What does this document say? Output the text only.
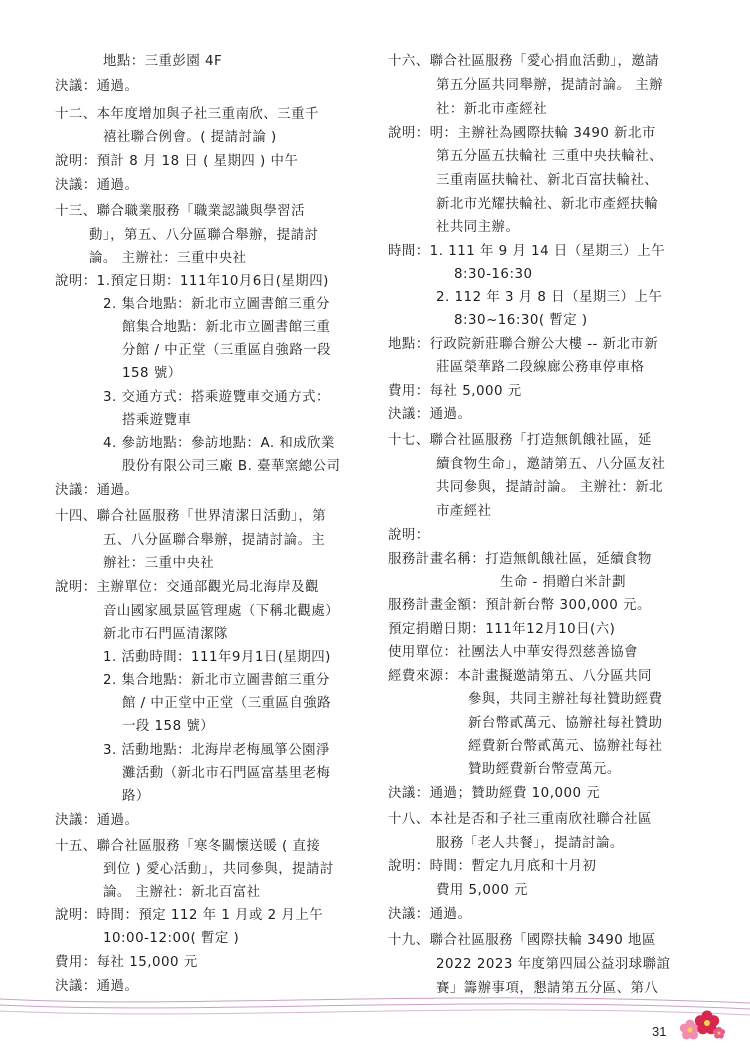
地點：三重彭園 4F
決議：通過。
十二、本年度增加與子社三重南欣、三重千
禧社聯合例會。( 提請討論 )
說明：預計 8 月 18 日 ( 星期四 ) 中午
決議：通過。
十三、聯合職業服務「職業認識與學習活
動」，第五、八分區聯合舉辦，提請討
論。 主辦社：三重中央社
說明：1.預定日期：111年10月6日(星期四)
2. 集合地點：新北市立圖書館三重分
館集合地點：新北市立圖書館三重
分館 / 中正堂（三重區自強路一段
158 號）
3. 交通方式：搭乘遊覽車交通方式：
搭乘遊覽車
4. 參訪地點：參訪地點：A. 和成欣業
股份有限公司三廠 B. 臺華窯總公司
決議：通過。
十四、聯合社區服務「世界清潔日活動」，第
五、八分區聯合舉辦，提請討論。主
辦社：三重中央社
說明：主辦單位：交通部觀光局北海岸及觀
音山國家風景區管理處（下稱北觀處）
新北市石門區清潔隊
1. 活動時間：111年9月1日(星期四)
2. 集合地點：新北市立圖書館三重分
館 / 中正堂中正堂（三重區自強路
一段 158 號）
3. 活動地點：北海岸老梅風箏公園淨
灘活動（新北市石門區富基里老梅
路）
決議：通過。
十五、聯合社區服務「寒冬關懷送暖 ( 直接
到位 ) 愛心活動」，共同參與，提請討
論。 主辦社：新北百富社
說明：時間：預定 112 年 1 月或 2 月上午
10:00-12:00( 暫定 )
費用：每社 15,000 元
決議：通過。
十六、聯合社區服務「愛心捐血活動」，邀請
第五分區共同舉辦，提請討論。 主辦
社：新北市產經社
說明：明：主辦社為國際扶輪 3490 新北市
第五分區五扶輪社 三重中央扶輪社、
三重南區扶輪社、新北百富扶輪社、
新北市光耀扶輪社、新北市產經扶輪
社共同主辦。
時間：1. 111 年 9 月 14 日（星期三）上午
8:30-16:30
2. 112 年 3 月 8 日（星期三）上午
8:30~16:30( 暫定 )
地點：行政院新莊聯合辦公大樓 -- 新北市新
莊區榮華路二段線廊公務車停車格
費用：每社 5,000 元
決議：通過。
十七、聯合社區服務「打造無飢餓社區，延
續食物生命」，邀請第五、八分區友社
共同參與，提請討論。 主辦社：新北
市產經社
說明：
服務計畫名稱：打造無飢餓社區，延續食物
生命 - 捐贈白米計劃
服務計畫金額：預計新台幣 300,000 元。
預定捐贈日期：111年12月10日(六)
使用單位：社團法人中華安得烈慈善協會
經費來源：本計畫擬邀請第五、八分區共同
參與，共同主辦社每社贊助經費
新台幣貳萬元、協辦社每社贊助
經費新台幣貳萬元、協辦社每社
贊助經費新台幣壹萬元。
決議：通過；贊助經費 10,000 元
十八、本社是否和子社三重南欣社聯合社區
服務「老人共餐」，提請討論。
說明：時間：暫定九月底和十月初
費用 5,000 元
決議：通過。
十九、聯合社區服務「國際扶輪 3490 地區
2022 2023 年度第四屆公益羽球聯誼
賽」籌辦事項，懇請第五分區、第八
31
